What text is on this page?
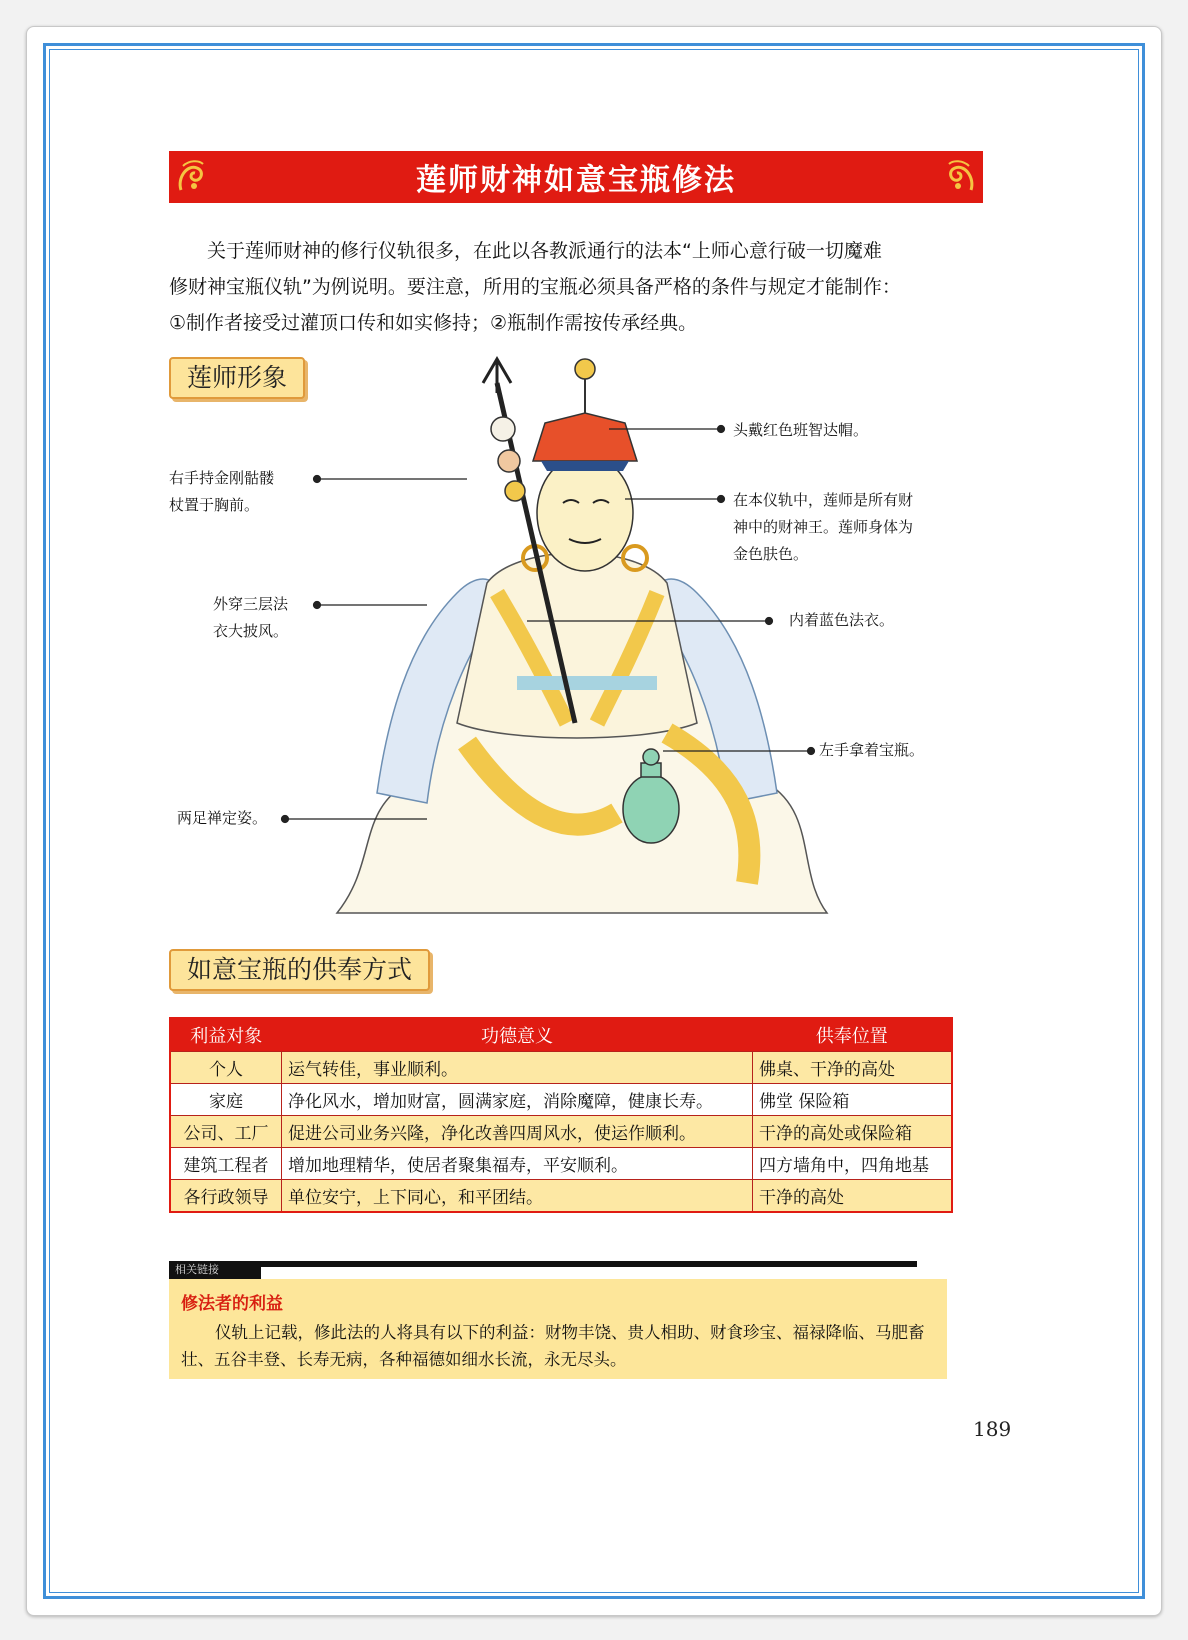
莲师财神如意宝瓶修法

关于莲师财神的修行仪轨很多，在此以各教派通行的法本“上师心意行破一切魔难

修财神宝瓶仪轨”为例说明。要注意，所用的宝瓶必须具备严格的条件与规定才能制作：

①制作者接受过灌顶口传和如实修持；②瓶制作需按传承经典。

莲师形象
头戴红色班智达帽。
右手持金刚骷髅
杖置于胸前。	在本仪轨中，莲师是所有财
神中的财神王。莲师身体为
金色肤色。
外穿三层法
衣大披风。
内着蓝色法衣。
左手拿着宝瓶。
两足禅定姿。
如意宝瓶的供奉方式
利益对象	功德意义	供奉位置
个人	运气转佳，事业顺利。	佛桌、干净的高处
家庭	净化风水，增加财富，圆满家庭，消除魔障，健康长寿。	佛堂 保险箱
公司、工厂	促进公司业务兴隆，净化改善四周风水，使运作顺利。	干净的高处或保险箱
建筑工程者	增加地理精华，使居者聚集福寿，平安顺利。	四方墙角中，四角地基
各行政领导	单位安宁，上下同心，和平团结。	干净的高处
修法者的利益
仪轨上记载，修此法的人将具有以下的利益：财物丰饶、贵人相助、财食珍宝、福禄降临、马肥畜壮、五谷丰登、长寿无病，各种福德如细水长流，永无尽头。
相关链接
189
